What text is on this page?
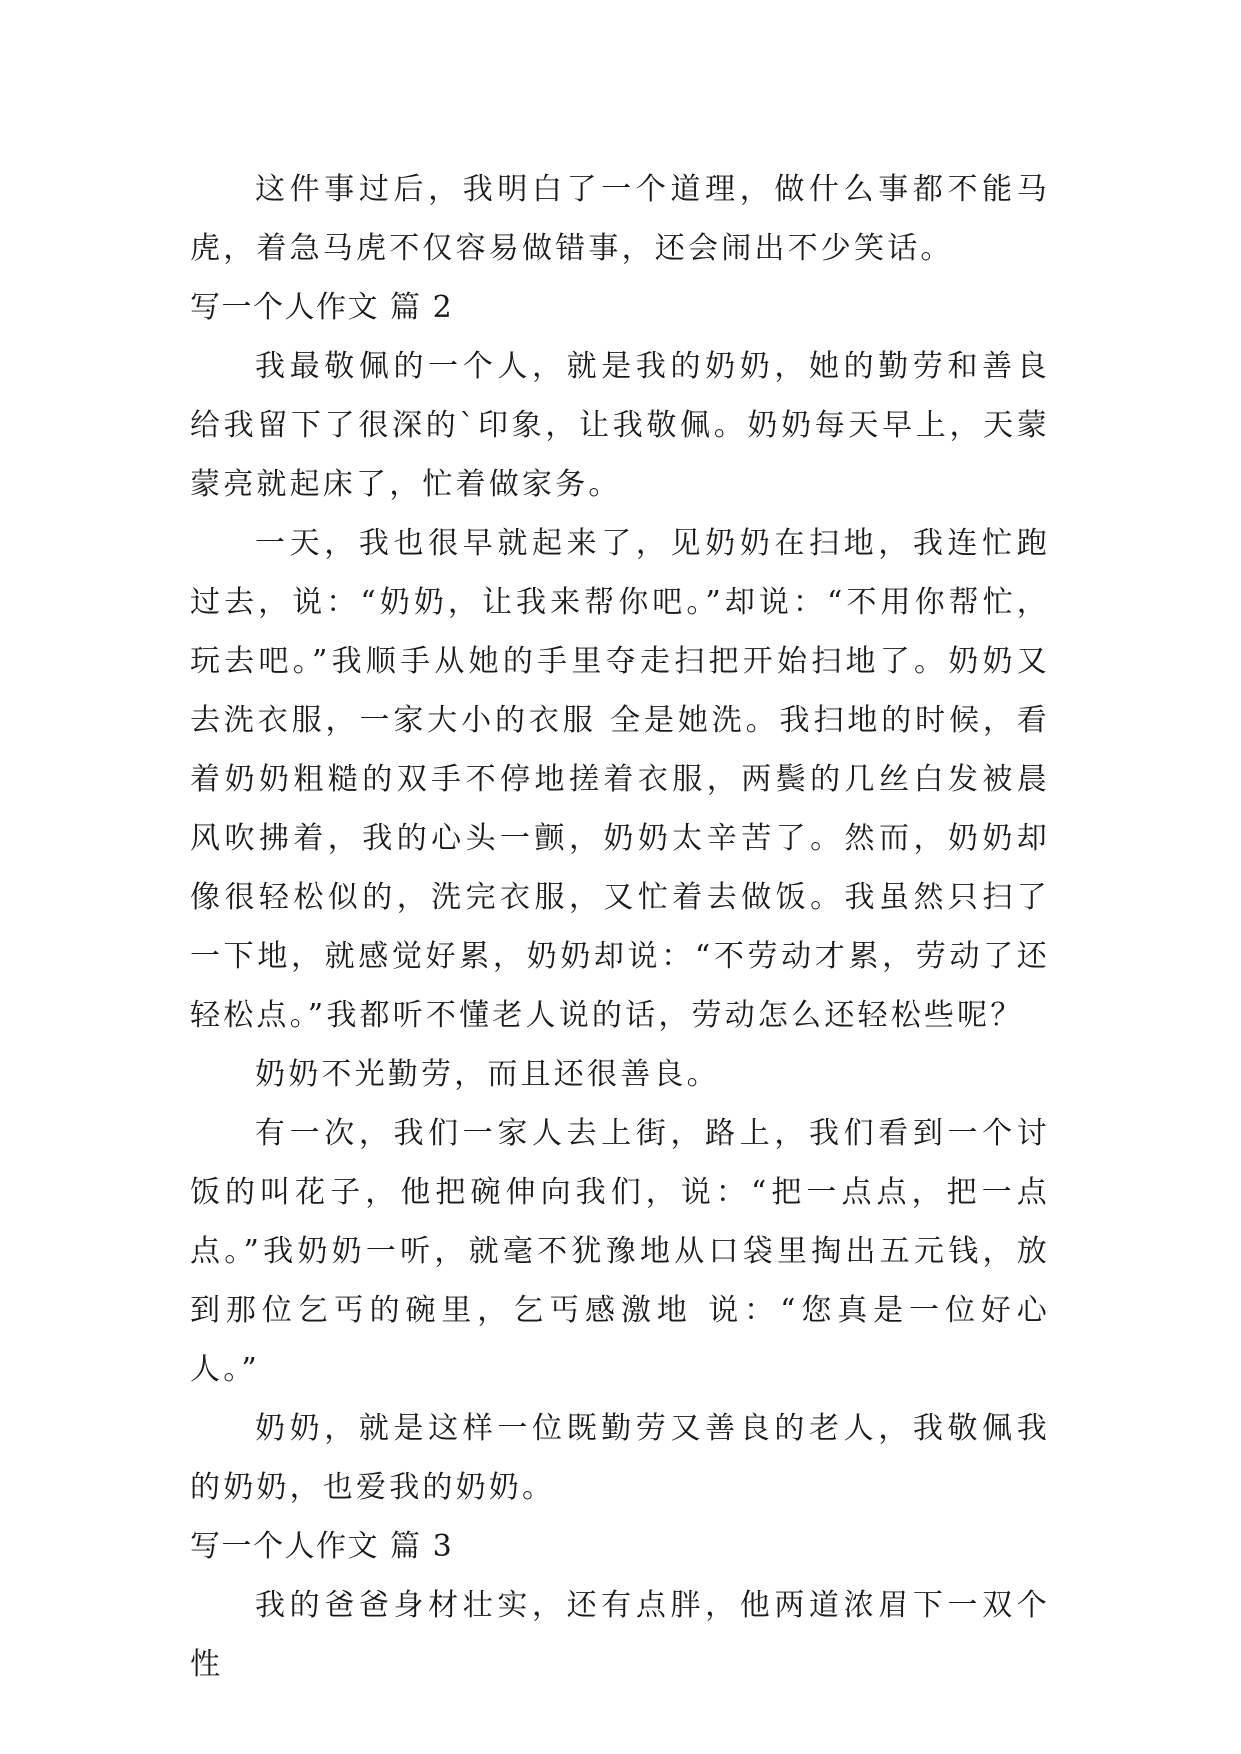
这件事过后，我明白了一个道理，做什么事都不能马虎，着急马虎不仅容易做错事，还会闹出不少笑话。

写一个人作文 篇 2

我最敬佩的一个人，就是我的奶奶，她的勤劳和善良给我留下了很深的`印象，让我敬佩。奶奶每天早上，天蒙蒙亮就起床了，忙着做家务。

一天，我也很早就起来了，见奶奶在扫地，我连忙跑过去，说：“奶奶，让我来帮你吧。”却说：“不用你帮忙，玩去吧。”我顺手从她的手里夺走扫把开始扫地了。奶奶又去洗衣服，一家大小的衣服 全是她洗。我扫地的时候，看着奶奶粗糙的双手不停地搓着衣服，两鬓的几丝白发被晨风吹拂着，我的心头一颤，奶奶太辛苦了。然而，奶奶却像很轻松似的，洗完衣服，又忙着去做饭。我虽然只扫了 一下地，就感觉好累，奶奶却说：“不劳动才累，劳动了还轻松点。”我都听不懂老人说的话，劳动怎么还轻松些呢？

奶奶不光勤劳，而且还很善良。

有一次，我们一家人去上街，路上，我们看到一个讨饭的叫花子，他把碗伸向我们，说：“把一点点，把一点点。”我奶奶一听，就毫不犹豫地从口袋里掏出五元钱，放到那位乞丐的碗里，乞丐感激地 说：“您真是一位好心人。”

奶奶，就是这样一位既勤劳又善良的老人，我敬佩我的奶奶，也爱我的奶奶。

写一个人作文 篇 3

我的爸爸身材壮实，还有点胖，他两道浓眉下一双个性
